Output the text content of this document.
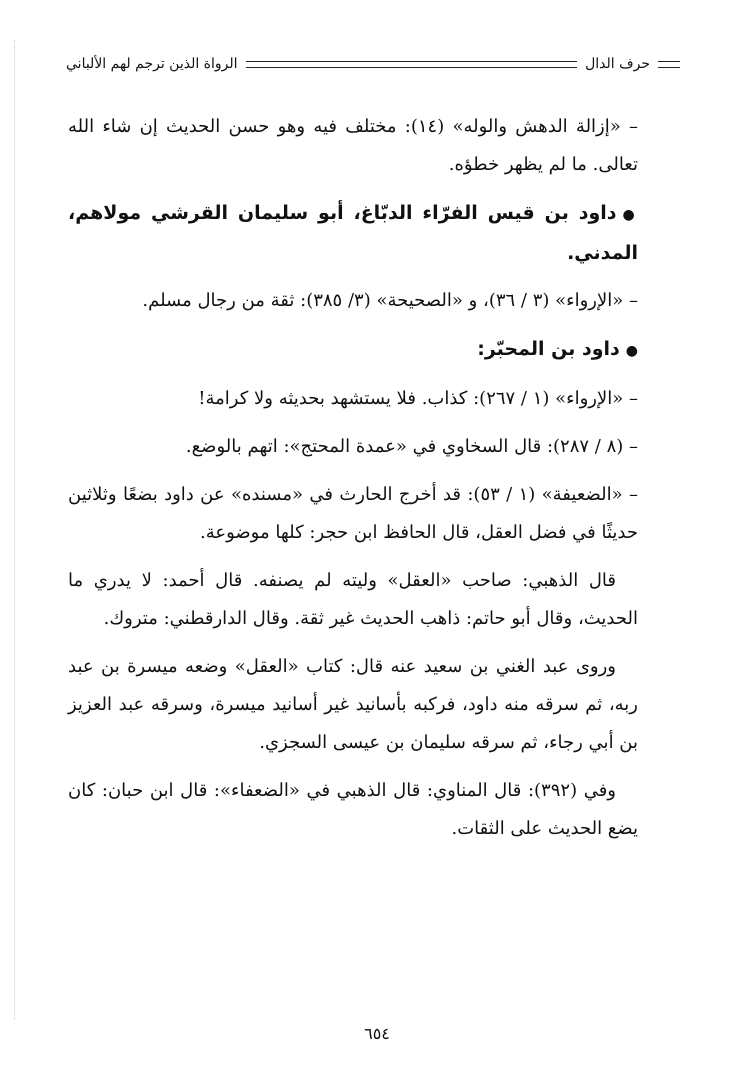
الرواة الذين ترجم لهم الألباني	حرف الدال

– «إزالة الدهش والوله» (١٤): مختلف فيه وهو حسن الحديث إن شاء الله تعالى. ما لم يظهر خطؤه.

●داود بن قيس الفرّاء الدبّاغ، أبو سليمان القرشي مولاهم، المدني.

– «الإرواء» (٣ / ٣٦)، و «الصحيحة» (٣/ ٣٨٥): ثقة من رجال مسلم.

●داود بن المحبّر:

– «الإرواء» (١ / ٢٦٧): كذاب. فلا يستشهد بحديثه ولا كرامة!

– (٨ / ٢٨٧): قال السخاوي في «عمدة المحتج»: اتهم بالوضع.

– «الضعيفة» (١ / ٥٣): قد أخرج الحارث في «مسنده» عن داود بضعًا وثلاثين حديثًا في فضل العقل، قال الحافظ ابن حجر: كلها موضوعة.

قال الذهبي: صاحب «العقل» وليته لم يصنفه. قال أحمد: لا يدري ما الحديث، وقال أبو حاتم: ذاهب الحديث غير ثقة. وقال الدارقطني: متروك.

وروى عبد الغني بن سعيد عنه قال: كتاب «العقل» وضعه ميسرة بن عبد ربه، ثم سرقه منه داود، فركبه بأسانيد غير أسانيد ميسرة، وسرقه عبد العزيز بن أبي رجاء، ثم سرقه سليمان بن عيسى السجزي.

وفي (٣٩٢): قال المناوي: قال الذهبي في «الضعفاء»: قال ابن حبان: كان يضع الحديث على الثقات.

٦٥٤
